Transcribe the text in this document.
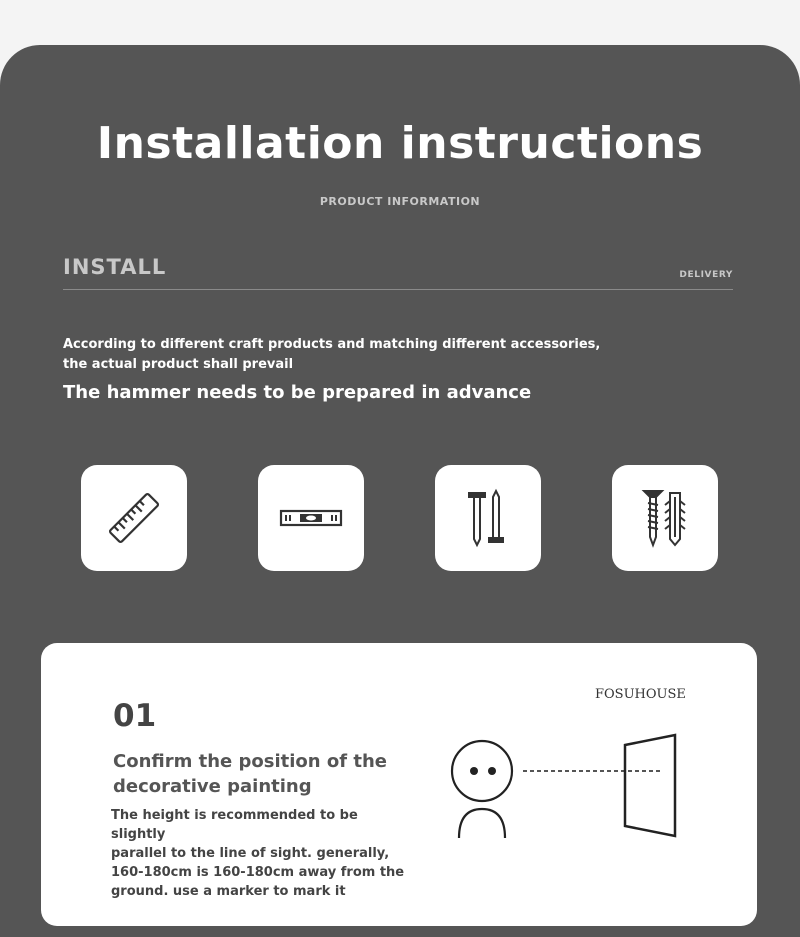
Installation instructions
PRODUCT INFORMATION
INSTALL	DELIVERY
According to different craft products and matching different accessories,
the actual product shall prevail
The hammer needs to be prepared in advance
01
Confirm the position of the
decorative painting
The height is recommended to be slightly
parallel to the line of sight. generally,
160-180cm is 160-180cm away from the
ground. use a marker to mark it
FOSUHOUSE
